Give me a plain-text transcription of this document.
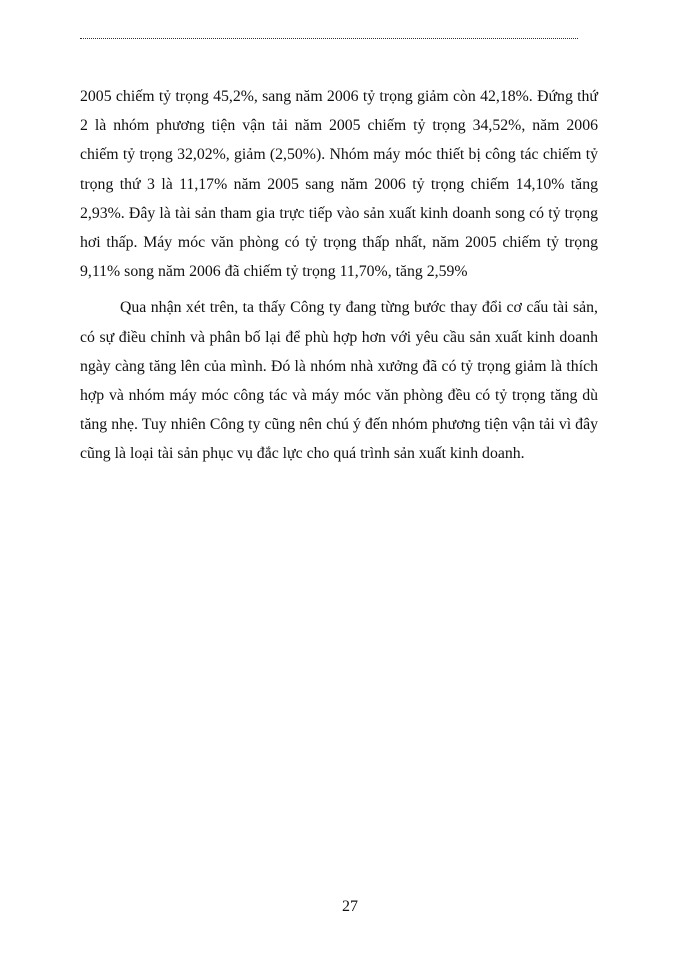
2005 chiếm tỷ trọng 45,2%, sang năm 2006 tỷ trọng giảm còn 42,18%. Đứng thứ 2 là nhóm phương tiện vận tải năm 2005 chiếm tỷ trọng 34,52%, năm 2006 chiếm tỷ trọng 32,02%, giảm (2,50%). Nhóm máy móc thiết bị công tác chiếm tỷ trọng thứ 3 là 11,17% năm 2005 sang năm 2006 tỷ trọng chiếm 14,10% tăng 2,93%. Đây là tài sản tham gia trực tiếp vào sản xuất kinh doanh song có tỷ trọng hơi thấp. Máy móc văn phòng có tỷ trọng thấp nhất, năm 2005 chiếm tỷ trọng 9,11% song năm 2006 đã chiếm tỷ trọng 11,70%, tăng 2,59%

Qua nhận xét trên, ta thấy Công ty đang từng bước thay đổi cơ cấu tài sản, có sự điều chỉnh và phân bố lại để phù hợp hơn với yêu cầu sản xuất kinh doanh ngày càng tăng lên của mình. Đó là nhóm nhà xưởng đã có tỷ trọng giảm là thích hợp và nhóm máy móc công tác và máy móc văn phòng đều có tỷ trọng tăng dù tăng nhẹ. Tuy nhiên Công ty cũng nên chú ý đến nhóm phương tiện vận tải vì đây cũng là loại tài sản phục vụ đắc lực cho quá trình sản xuất kinh doanh.

27
